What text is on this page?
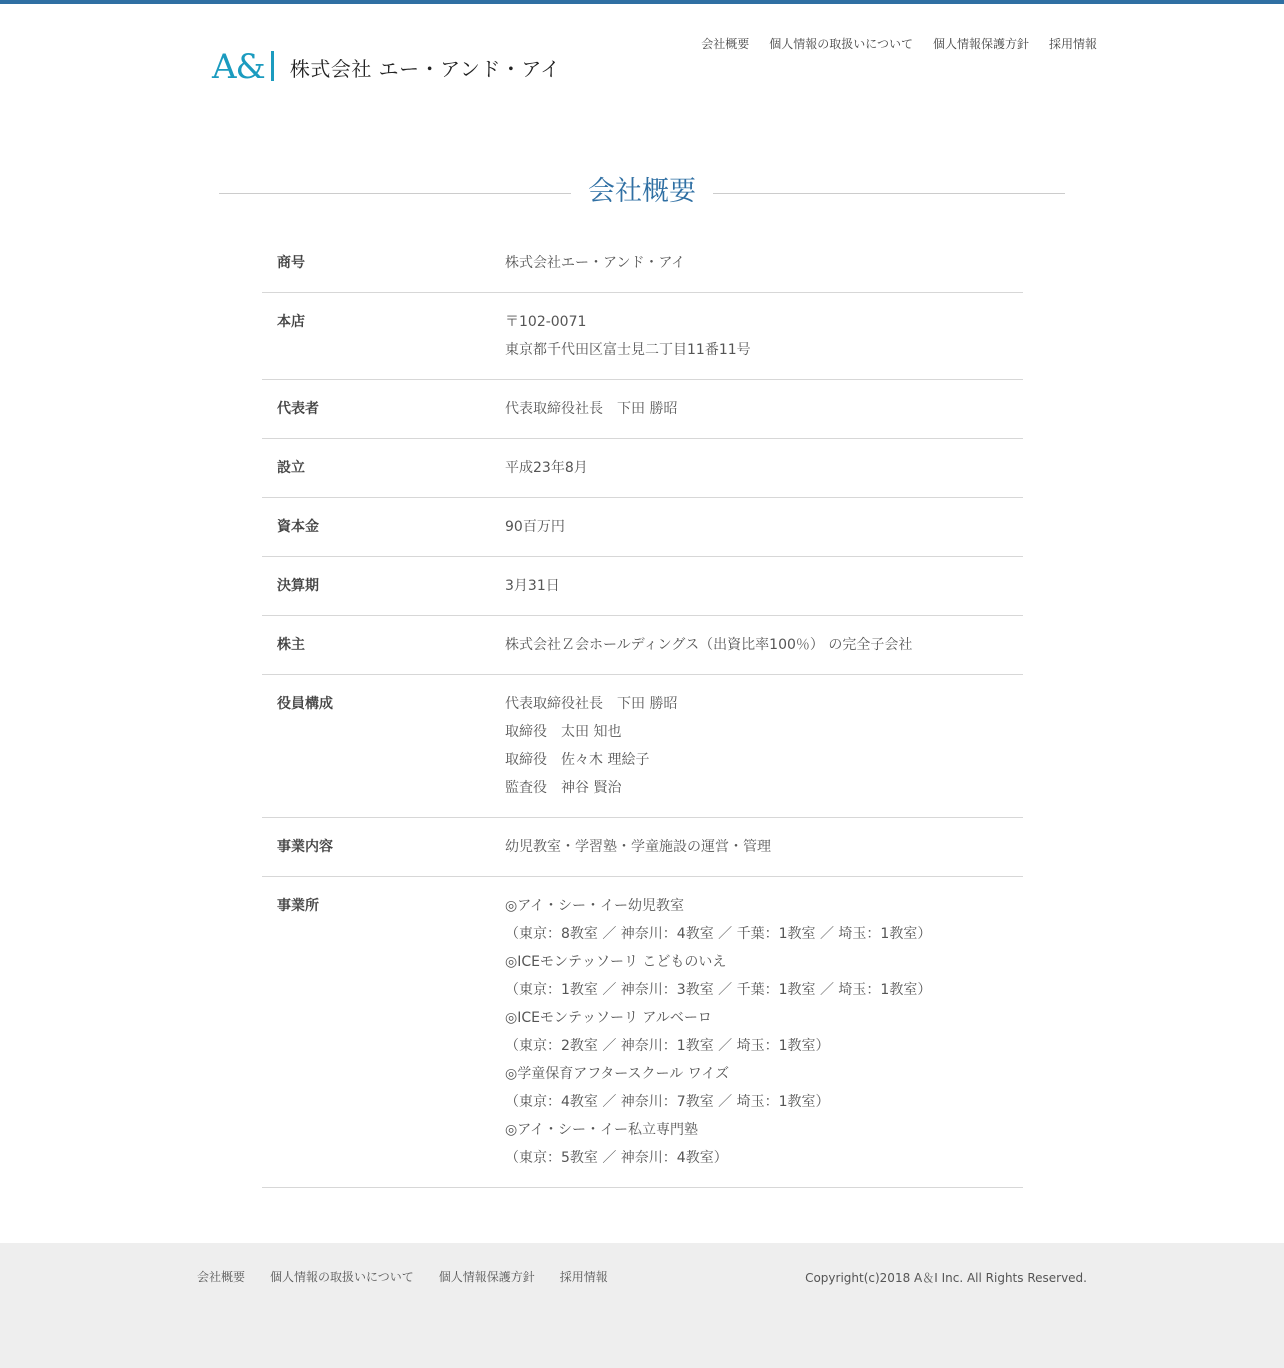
A&	株式会社 エー・アンド・アイ
会社概要 個人情報の取扱いについて 個人情報保護方針 採用情報
会社概要
商号	株式会社エー・アンド・アイ
本店	〒102-0071
東京都千代田区富士見二丁目11番11号
代表者	代表取締役社長　下田 勝昭
設立	平成23年8月
資本金	90百万円
決算期	3月31日
株主	株式会社Ｚ会ホールディングス（出資比率100％） の完全子会社
役員構成	代表取締役社長　下田 勝昭
取締役　太田 知也
取締役　佐々木 理絵子
監査役　神谷 賢治
事業内容	幼児教室・学習塾・学童施設の運営・管理
事業所	◎アイ・シー・イー幼児教室
（東京：8教室 ／ 神奈川：4教室 ／ 千葉：1教室 ／ 埼玉：1教室）
◎ICEモンテッソーリ こどものいえ
（東京：1教室 ／ 神奈川：3教室 ／ 千葉：1教室 ／ 埼玉：1教室）
◎ICEモンテッソーリ アルベーロ
（東京：2教室 ／ 神奈川：1教室 ／ 埼玉：1教室）
◎学童保育アフタースクール ワイズ
（東京：4教室 ／ 神奈川：7教室 ／ 埼玉：1教室）
◎アイ・シー・イー私立専門塾
（東京：5教室 ／ 神奈川：4教室）
会社概要 個人情報の取扱いについて 個人情報保護方針 採用情報	Copyright(c)2018 A＆I Inc. All Rights Reserved.
